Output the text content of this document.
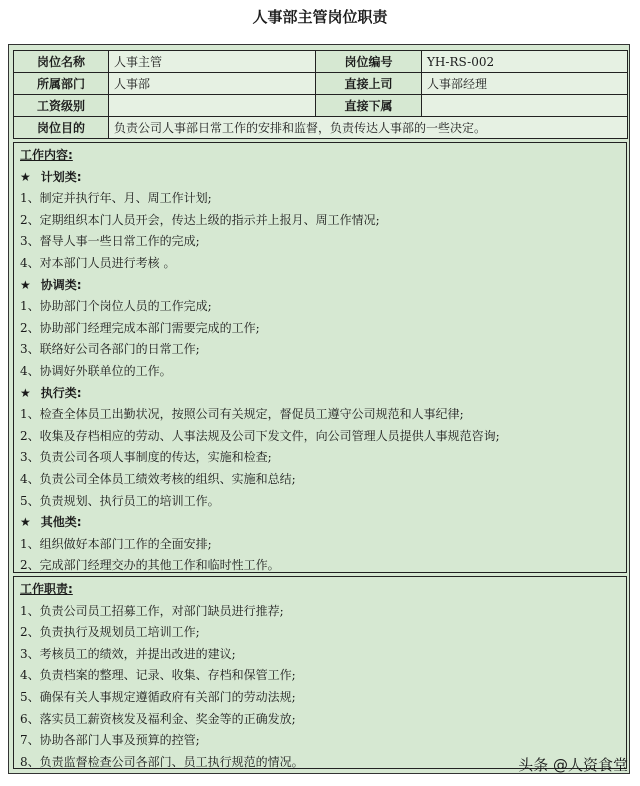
人事部主管岗位职责
岗位名称	人事主管	岗位编号	YH-RS-002
所属部门	人事部	直接上司	人事部经理
工资级别		直接下属	
岗位目的	负责公司人事部日常工作的安排和监督，负责传达人事部的一些决定。		
工作内容:
★ 计划类:
1、制定并执行年、月、周工作计划;
2、定期组织本门人员开会，传达上级的指示并上报月、周工作情况;
3、督导人事一些日常工作的完成;
4、对本部门人员进行考核 。
★ 协调类:
1、协助部门个岗位人员的工作完成;
2、协助部门经理完成本部门需要完成的工作;
3、联络好公司各部门的日常工作;
4、协调好外联单位的工作。
★ 执行类:
1、检查全体员工出勤状况，按照公司有关规定，督促员工遵守公司规范和人事纪律;
2、收集及存档相应的劳动、人事法规及公司下发文件，向公司管理人员提供人事规范咨询;
3、负责公司各项人事制度的传达，实施和检查;
4、负责公司全体员工绩效考核的组织、实施和总结;
5、负责规划、执行员工的培训工作。
★ 其他类:
1、组织做好本部门工作的全面安排;
2、完成部门经理交办的其他工作和临时性工作。
工作职责:
1、负责公司员工招募工作，对部门缺员进行推荐;
2、负责执行及规划员工培训工作;
3、考核员工的绩效，并提出改进的建议;
4、负责档案的整理、记录、收集、存档和保管工作;
5、确保有关人事规定遵循政府有关部门的劳动法规;
6、落实员工薪资核发及福利金、奖金等的正确发放;
7、协助各部门人事及预算的控管;
8、负责监督检查公司各部门、员工执行规范的情况。	头条 @人资食堂
